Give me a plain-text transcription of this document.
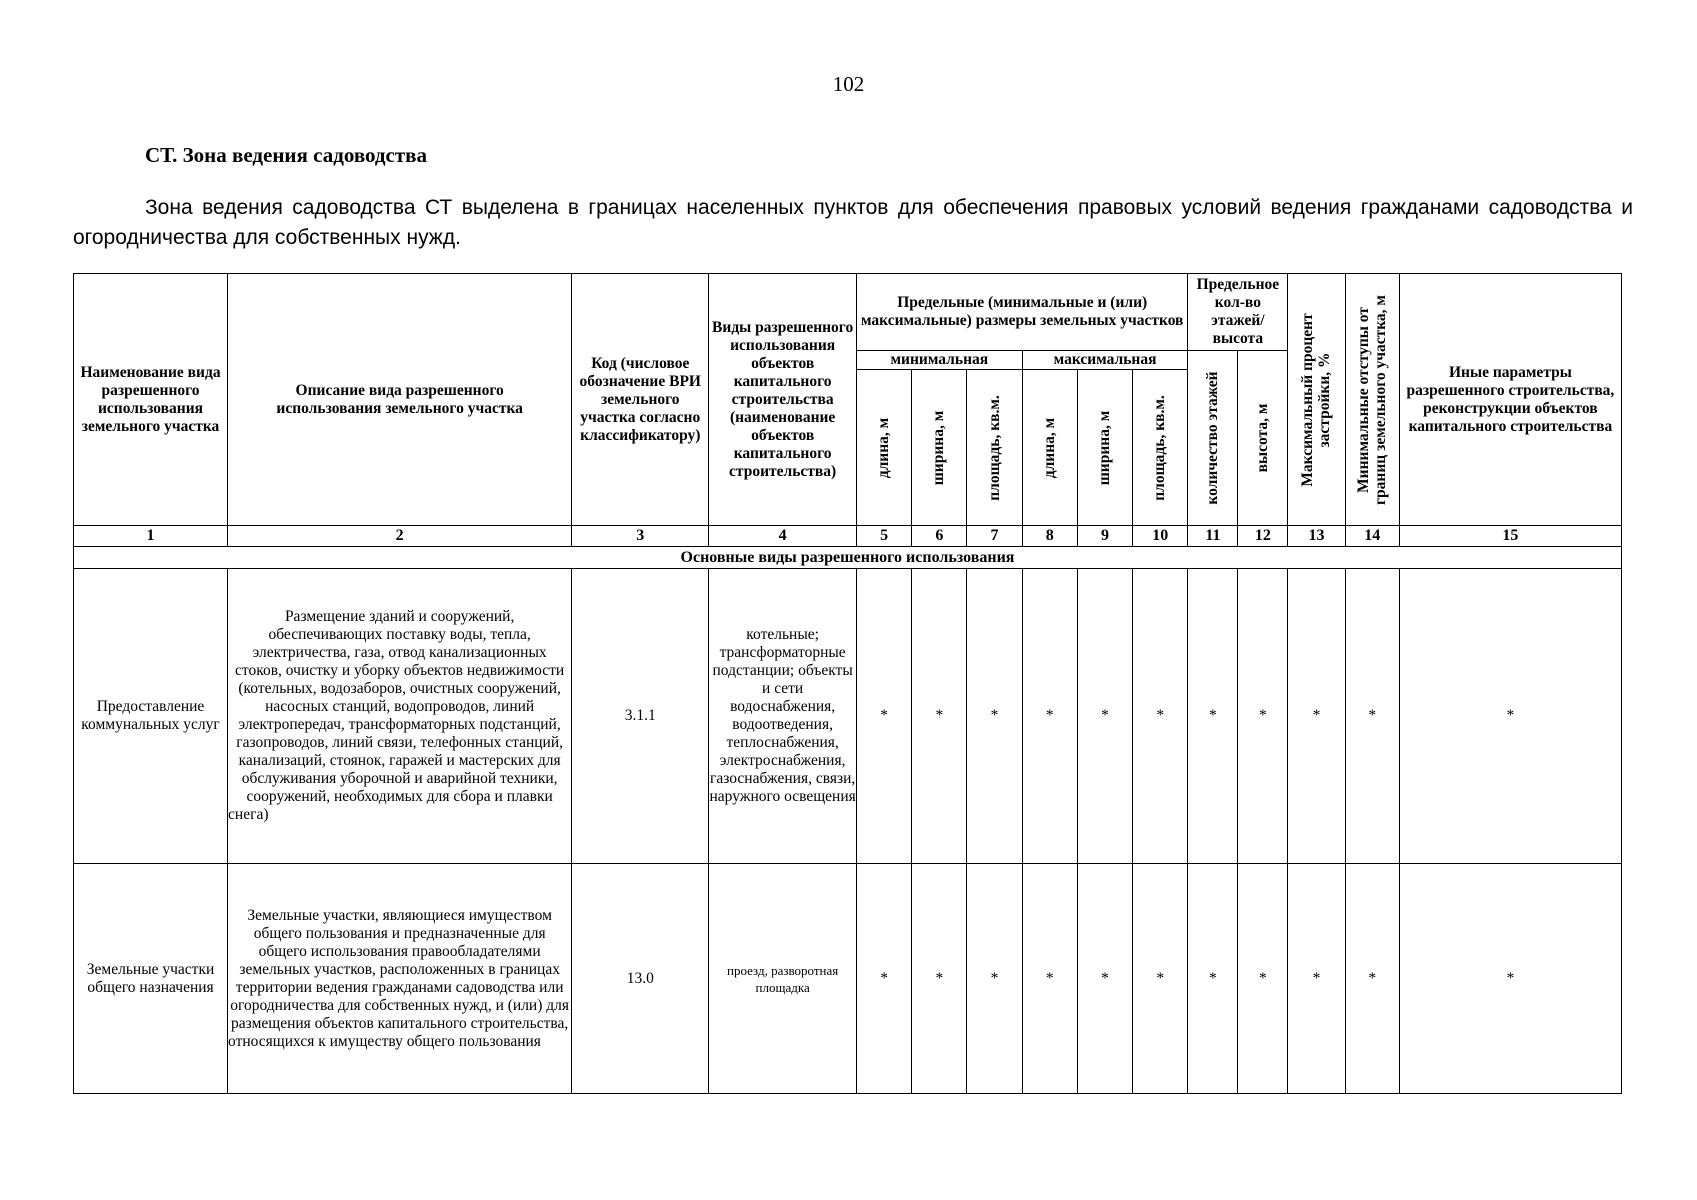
102
СТ. Зона ведения садоводства
Зона ведения садоводства СТ выделена в границах населенных пунктов для обеспечения правовых условий ведения гражданами садоводства и огородничества для собственных нужд.
Наименование вида разрешенного использования земельного участка	Описание вида разрешенного использования земельного участка	Код (числовое обозначение ВРИ земельного участка согласно классификатору)	Виды разрешенного использования объектов капитального строительства (наименование объектов капитального строительства)	Предельные (минимальные и (или) максимальные) размеры земельных участков						Предельное кол-во этажей/ высота		Максимальный процент застройки, %	Минимальные отступы от границ земельного участка, м	Иные параметры разрешенного строительства, реконструкции объектов капитального строительства

				минимальная			максимальная			количество этажей	высота, м			

				длина, м	ширина, м	площадь, кв.м.	длина, м	ширина, м	площадь, кв.м.					

1	2	3	4	5	6	7	8	9	10	11	12	13	14	15
Основные виды разрешенного использования														
Предоставление коммунальных услуг	Размещение зданий и сооружений, обеспечивающих поставку воды, тепла, электричества, газа, отвод канализационных стоков, очистку и уборку объектов недвижимости (котельных, водозаборов, очистных сооружений, насосных станций, водопроводов, линий электропередач, трансформаторных подстанций, газопроводов, линий связи, телефонных станций, канализаций, стоянок, гаражей и мастерских для обслуживания уборочной и аварийной техники, сооружений, необходимых для сбора и плавки снега)	3.1.1	котельные; трансформаторные подстанции; объекты и сети водоснабжения, водоотведения, теплоснабжения, электроснабжения, газоснабжения, связи, наружного освещения	*	*	*	*	*	*	*	*	*	*	*
Земельные участки общего назначения	Земельные участки, являющиеся имуществом общего пользования и предназначенные для общего использования правообладателями земельных участков, расположенных в границах территории ведения гражданами садоводства или огородничества для собственных нужд, и (или) для размещения объектов капитального строительства, относящихся к имуществу общего пользования	13.0	проезд, разворотная площадка	*	*	*	*	*	*	*	*	*	*	*
